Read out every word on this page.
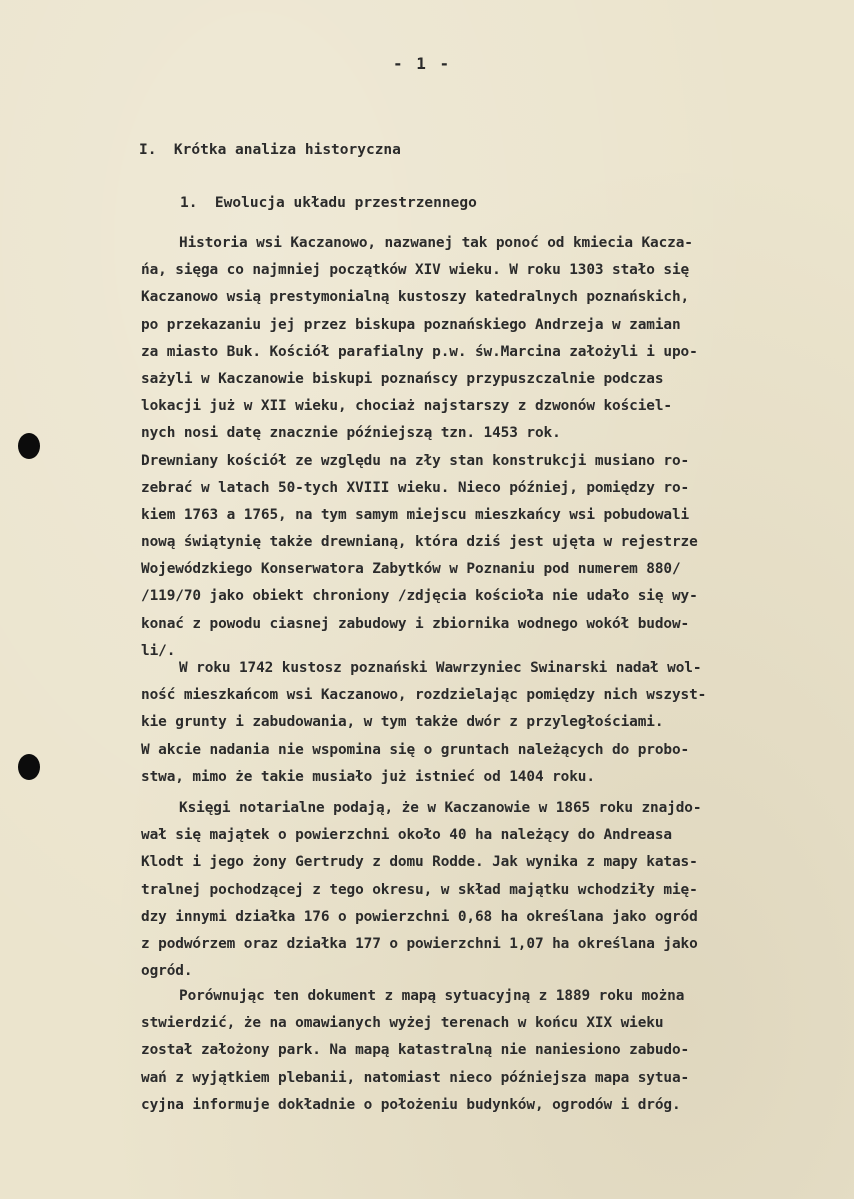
- 1 -
I.  Krótka analiza historyczna
1.  Ewolucja układu przestrzennego
Historia wsi Kaczanowo, nazwanej tak ponoć od kmiecia Kacza-
ńa, sięga co najmniej początków XIV wieku. W roku 1303 stało się
Kaczanowo wsią prestymonialną kustoszy katedralnych poznańskich,
po przekazaniu jej przez biskupa poznańskiego Andrzeja w zamian
za miasto Buk. Kościół parafialny p.w. św.Marcina założyli i upo-
sażyli w Kaczanowie biskupi poznańscy przypuszczalnie podczas
lokacji już w XII wieku, chociaż najstarszy z dzwonów kościel-
nych nosi datę znacznie późniejszą tzn. 1453 rok.
Drewniany kościół ze względu na zły stan konstrukcji musiano ro-
zebrać w latach 50-tych XVIII wieku. Nieco później, pomiędzy ro-
kiem 1763 a 1765, na tym samym miejscu mieszkańcy wsi pobudowali
nową świątynię także drewnianą, która dziś jest ujęta w rejestrze
Wojewódzkiego Konserwatora Zabytków w Poznaniu pod numerem 880/
/119/70 jako obiekt chroniony /zdjęcia kościoła nie udało się wy-
konać z powodu ciasnej zabudowy i zbiornika wodnego wokół budow-
li/.
W roku 1742 kustosz poznański Wawrzyniec Swinarski nadał wol-
ność mieszkańcom wsi Kaczanowo, rozdzielając pomiędzy nich wszyst-
kie grunty i zabudowania, w tym także dwór z przyległościami.
W akcie nadania nie wspomina się o gruntach należących do probo-
stwa, mimo że takie musiało już istnieć od 1404 roku.
Księgi notarialne podają, że w Kaczanowie w 1865 roku znajdo-
wał się majątek o powierzchni około 40 ha należący do Andreasa
Klodt i jego żony Gertrudy z domu Rodde. Jak wynika z mapy katas-
tralnej pochodzącej z tego okresu, w skład majątku wchodziły mię-
dzy innymi działka 176 o powierzchni 0,68 ha określana jako ogród
z podwórzem oraz działka 177 o powierzchni 1,07 ha określana jako
ogród.
Porównując ten dokument z mapą sytuacyjną z 1889 roku można
stwierdzić, że na omawianych wyżej terenach w końcu XIX wieku
został założony park. Na mapą katastralną nie naniesiono zabudo-
wań z wyjątkiem plebanii, natomiast nieco późniejsza mapa sytua-
cyjna informuje dokładnie o położeniu budynków, ogrodów i dróg.
